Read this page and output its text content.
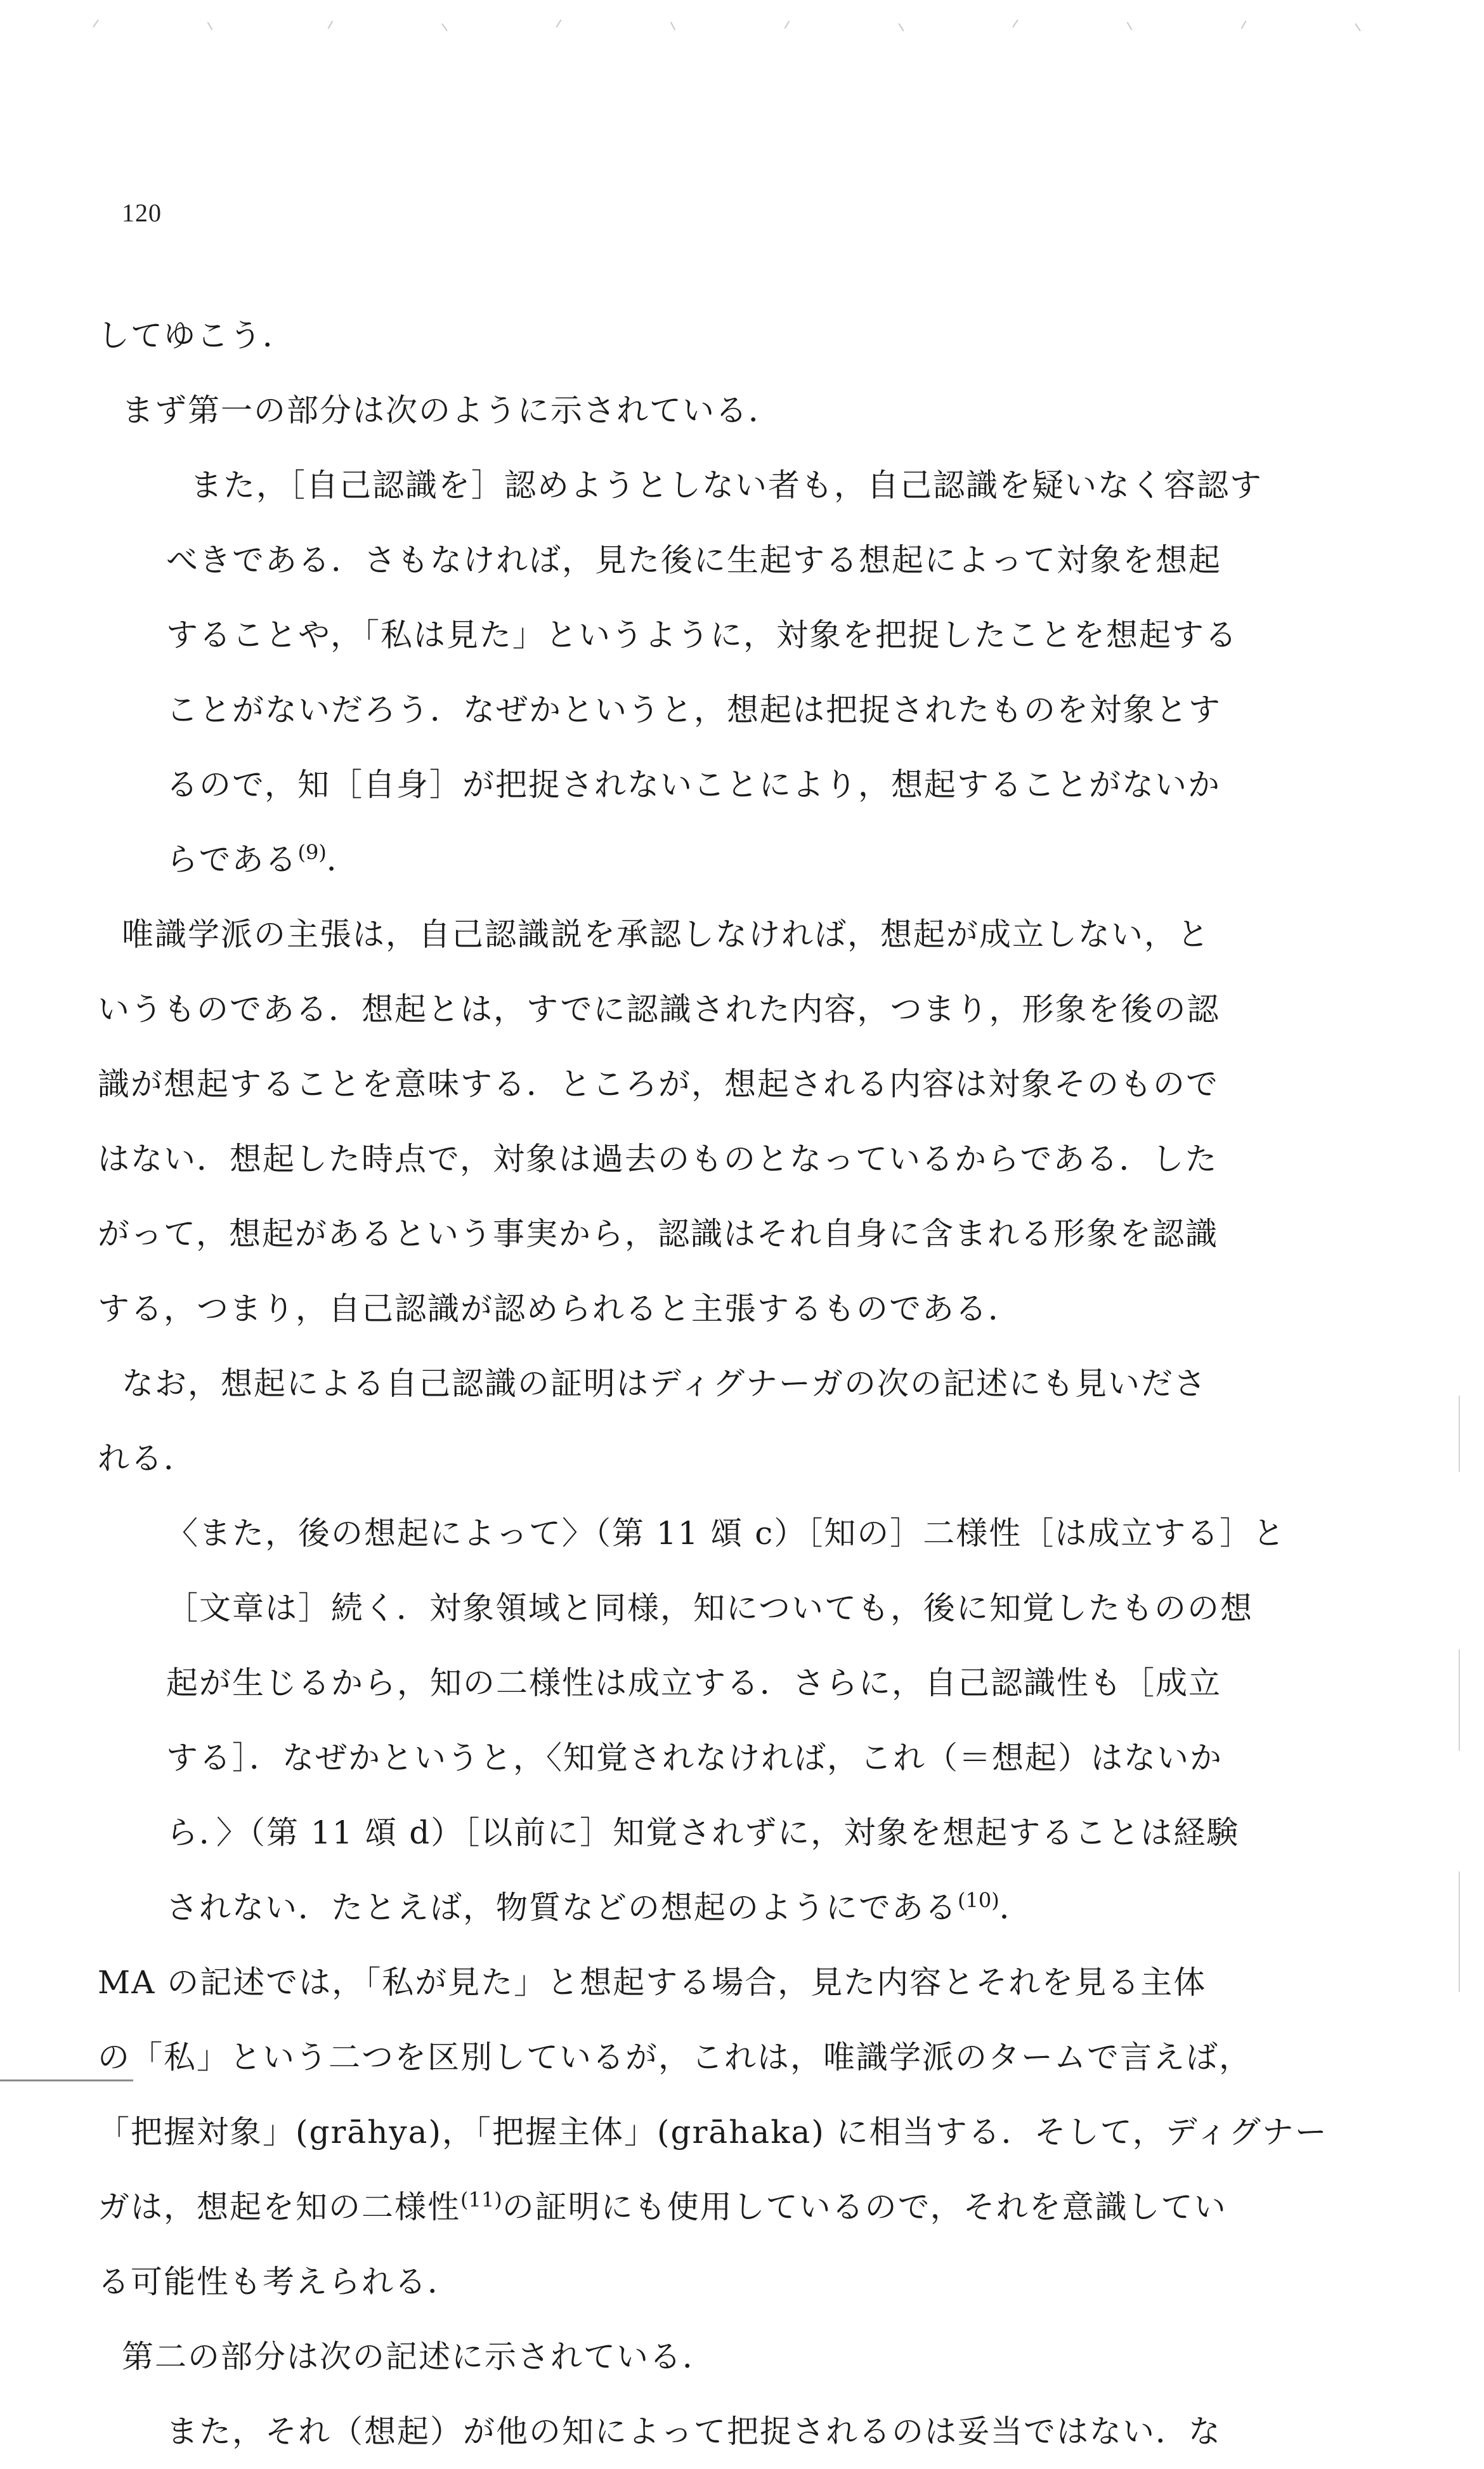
120
してゆこう．
まず第一の部分は次のように示されている．
また，［自己認識を］認めようとしない者も，自己認識を疑いなく容認す
べきである．さもなければ，見た後に生起する想起によって対象を想起
することや，「私は見た」というように，対象を把捉したことを想起する
ことがないだろう．なぜかというと，想起は把捉されたものを対象とす
るので，知［自身］が把捉されないことにより，想起することがないか
らである$^{(9)}$．
唯識学派の主張は，自己認識説を承認しなければ，想起が成立しない，と
いうものである．想起とは，すでに認識された内容，つまり，形象を後の認
識が想起することを意味する．ところが，想起される内容は対象そのもので
はない．想起した時点で，対象は過去のものとなっているからである．した
がって，想起があるという事実から，認識はそれ自身に含まれる形象を認識
する，つまり，自己認識が認められると主張するものである．
なお，想起による自己認識の証明はディグナーガの次の記述にも見いださ
れる．
〈また，後の想起によって〉（第 11 頌 c）［知の］二様性［は成立する］と
［文章は］続く．対象領域と同様，知についても，後に知覚したものの想
起が生じるから，知の二様性は成立する．さらに，自己認識性も［成立
する］．なぜかというと，〈知覚されなければ，これ（＝想起）はないか
ら．〉（第 11 頌 d）［以前に］知覚されずに，対象を想起することは経験
されない．たとえば，物質などの想起のようにである$^{(10)}$．
MA の記述では，「私が見た」と想起する場合，見た内容とそれを見る主体
の「私」という二つを区別しているが，これは，唯識学派のタームで言えば，
「把握対象」(grāhya)，「把握主体」(grāhaka) に相当する．そして，ディグナー
ガは，想起を知の二様性$^{(11)}$の証明にも使用しているので，それを意識してい
る可能性も考えられる．
第二の部分は次の記述に示されている．
また，それ（想起）が他の知によって把捉されるのは妥当ではない．な
